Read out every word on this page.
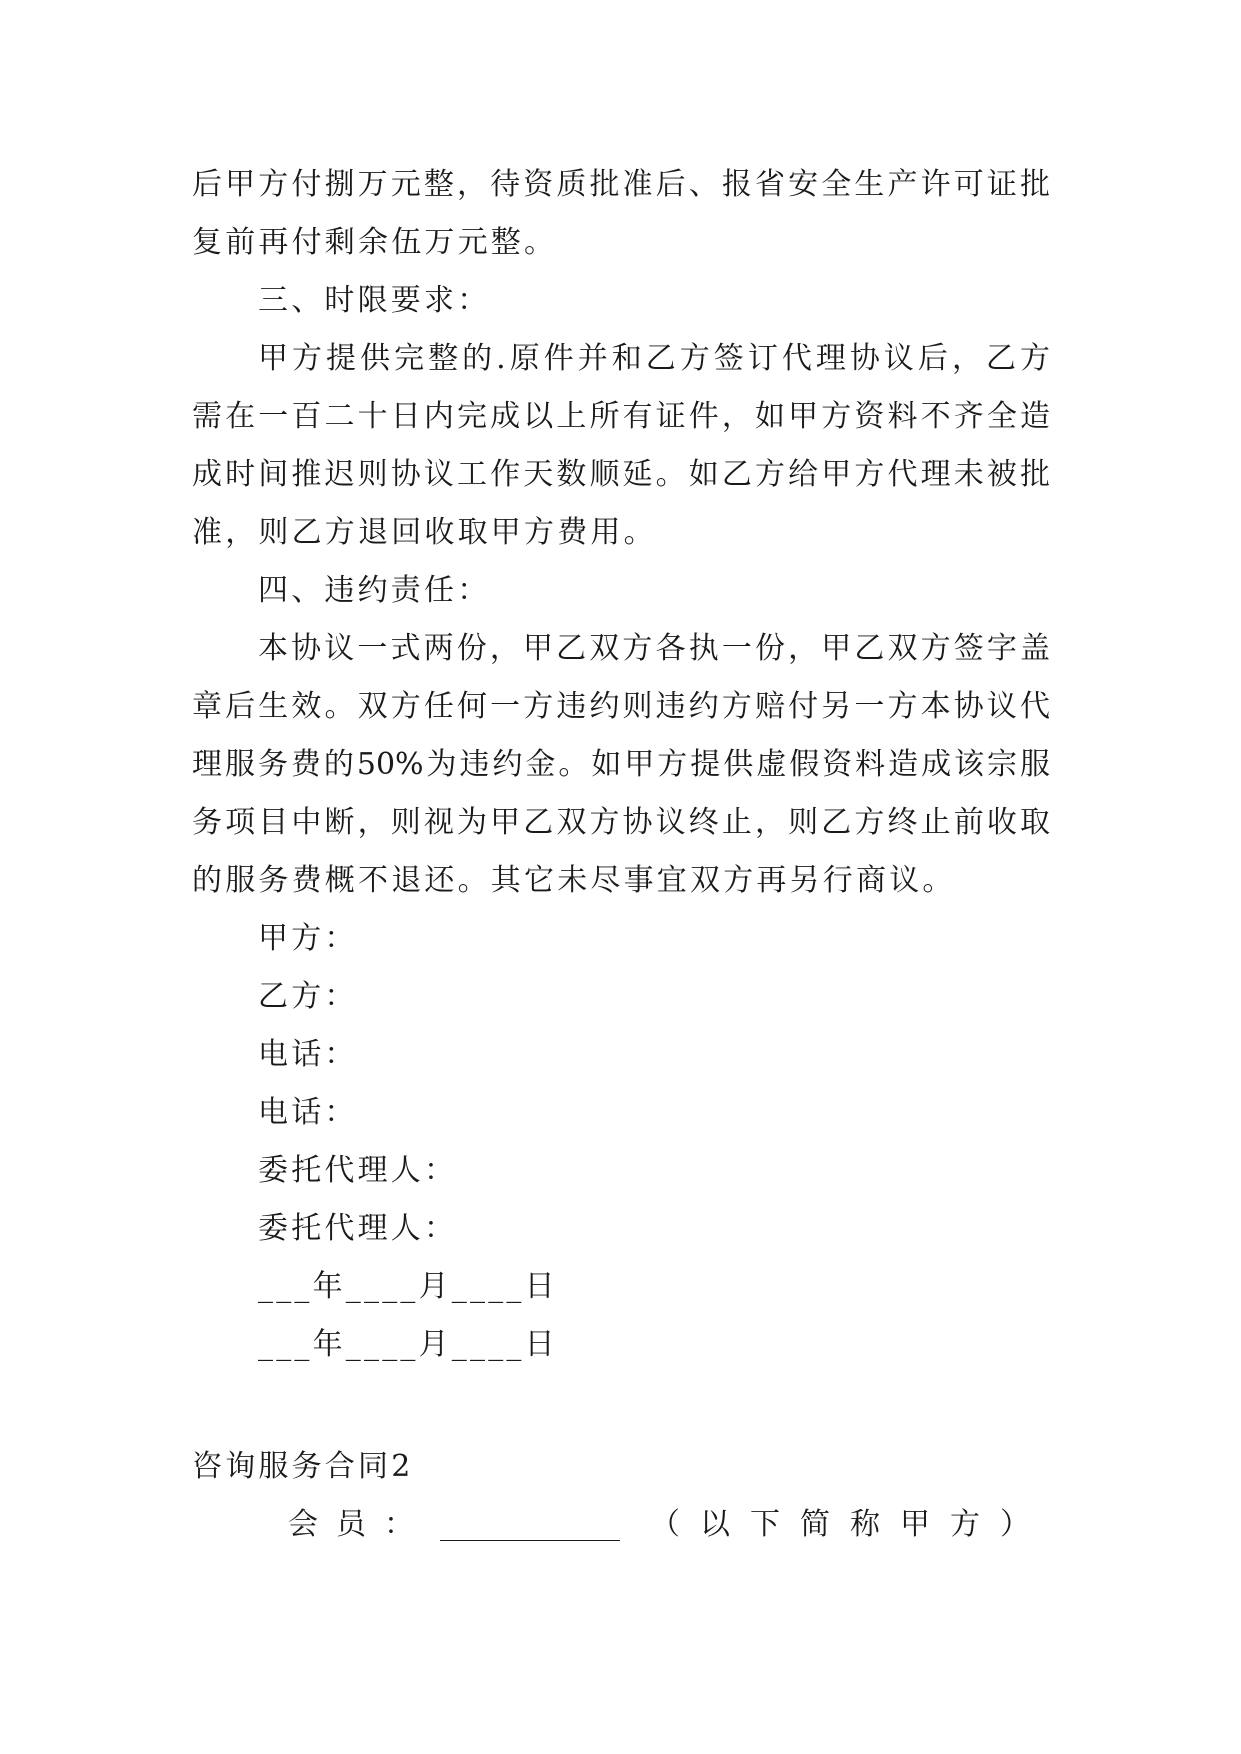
后甲方付捌万元整，待资质批准后、报省安全生产许可证批
复前再付剩余伍万元整。
三、时限要求：
甲方提供完整的.原件并和乙方签订代理协议后，乙方
需在一百二十日内完成以上所有证件，如甲方资料不齐全造
成时间推迟则协议工作天数顺延。如乙方给甲方代理未被批
准，则乙方退回收取甲方费用。
四、违约责任：
本协议一式两份，甲乙双方各执一份，甲乙双方签字盖
章后生效。双方任何一方违约则违约方赔付另一方本协议代
理服务费的50%为违约金。如甲方提供虚假资料造成该宗服
务项目中断，则视为甲乙双方协议终止，则乙方终止前收取
的服务费概不退还。其它未尽事宜双方再另行商议。
甲方：
乙方：
电话：
电话：
委托代理人：
委托代理人：
___年____月____日
___年____月____日
咨询服务合同2
会员：	（以下简称甲方）
